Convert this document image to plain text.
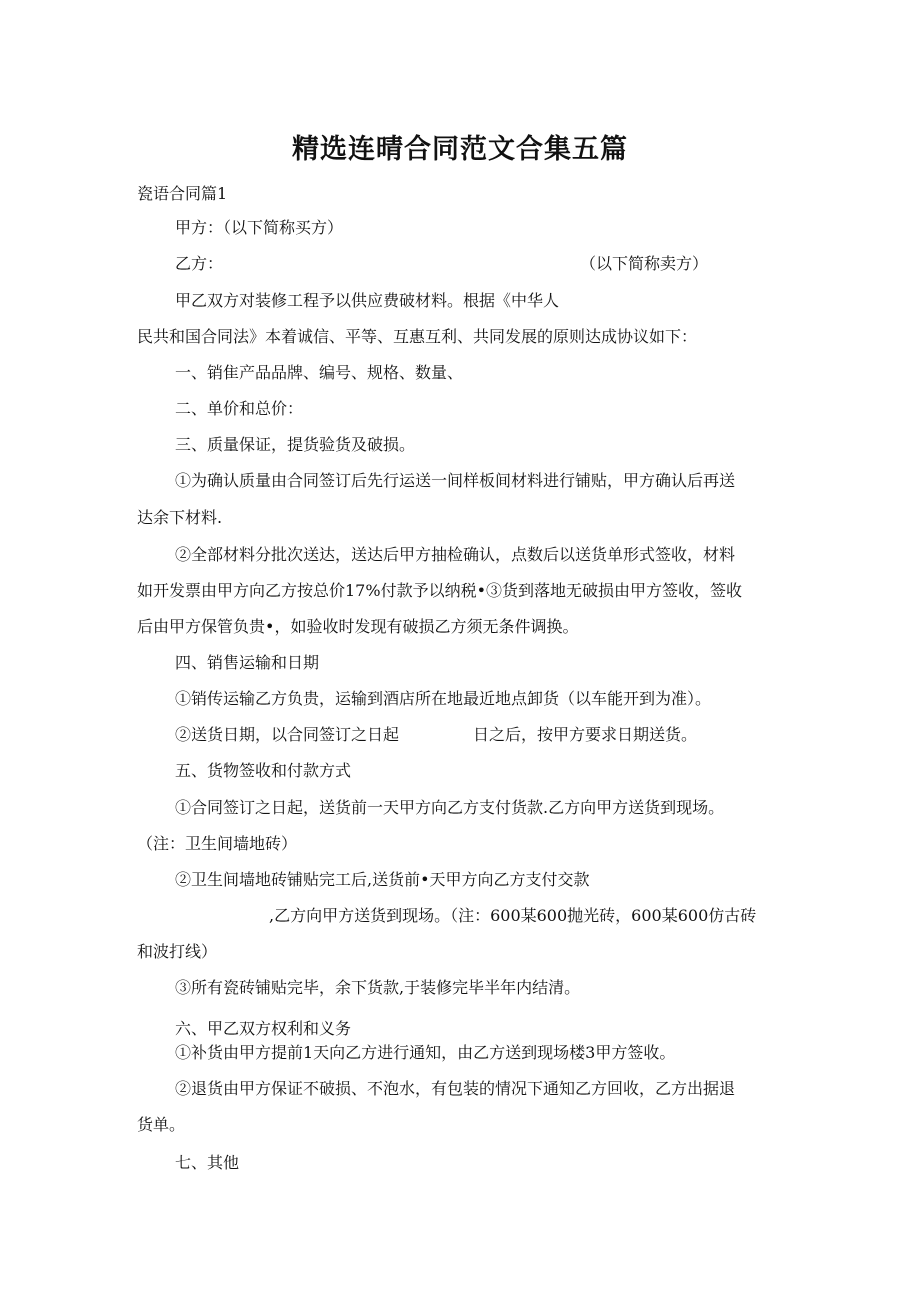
精选连晴合同范文合集五篇
瓷语合同篇1
甲方：（以下简称买方）
乙方：	（以下简称卖方）
甲乙双方对装修工程予以供应费破材料。根据《中华人
民共和国合同法》本着诚信、平等、互惠互利、共同发展的原则达成协议如下：
一、销隹产品品牌、编号、规格、数量、
二、单价和总价：
三、质量保证，提货验货及破损。
①为确认质量由合同签订后先行运送一间样板间材料进行铺贴，甲方确认后再送
达余下材料.
②全部材料分批次送达，送达后甲方抽检确认，点数后以送货单形式签收，材料
如开发票由甲方向乙方按总价17%付款予以纳税•③货到落地无破损由甲方签收，签收
后由甲方保管负贵•，如验收时发现有破损乙方须无条件调换。
四、销售运输和日期
①销传运输乙方负贵，运输到酒店所在地最近地点卸货（以车能开到为准）。
②送货日期，以合同签订之日起	日之后，按甲方要求日期送货。
五、货物签收和付款方式
①合同签订之日起，送货前一天甲方向乙方支付货款.乙方向甲方送货到现场。
（注：卫生间墙地砖）
②卫生间墙地砖铺贴完工后,送货前•天甲方向乙方支付交款
,乙方向甲方送货到现场。（注：600某600抛光砖，600某600仿古砖
和波打线）
③所有瓷砖铺贴完毕，余下货款,于装修完毕半年内结清。
六、甲乙双方权利和义务
①补货由甲方提前1天向乙方进行通知，由乙方送到现场楼3甲方签收。
②退货由甲方保证不破损、不泡水，有包装的情况下通知乙方回收，乙方出据退
货单。
七、其他
